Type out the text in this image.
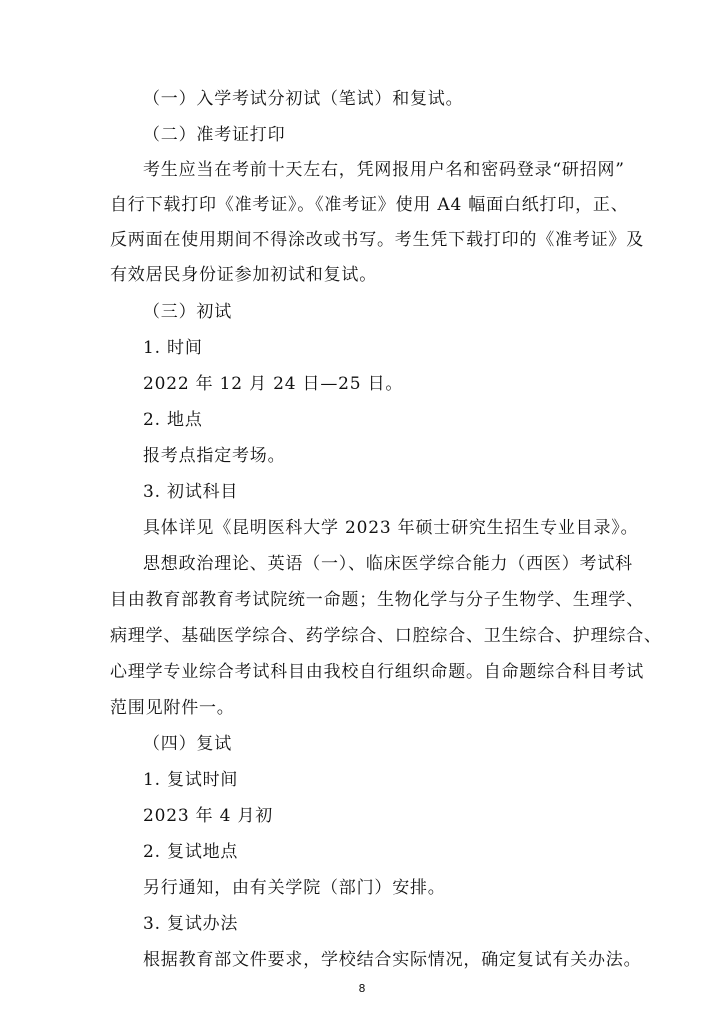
（一）入学考试分初试（笔试）和复试。
（二）准考证打印
考生应当在考前十天左右，凭网报用户名和密码登录“研招网”
自行下载打印《准考证》。《准考证》使用 A4 幅面白纸打印，正、
反两面在使用期间不得涂改或书写。考生凭下载打印的《准考证》及
有效居民身份证参加初试和复试。
（三）初试
1. 时间
2022 年 12 月 24 日—25 日。
2. 地点
报考点指定考场。
3. 初试科目
具体详见《昆明医科大学 2023 年硕士研究生招生专业目录》。
思想政治理论、英语（一）、临床医学综合能力（西医）考试科
目由教育部教育考试院统一命题；生物化学与分子生物学、生理学、
病理学、基础医学综合、药学综合、口腔综合、卫生综合、护理综合、
心理学专业综合考试科目由我校自行组织命题。自命题综合科目考试
范围见附件一。
（四）复试
1. 复试时间
2023 年 4 月初
2. 复试地点
另行通知，由有关学院（部门）安排。
3. 复试办法
根据教育部文件要求，学校结合实际情况，确定复试有关办法。
8
